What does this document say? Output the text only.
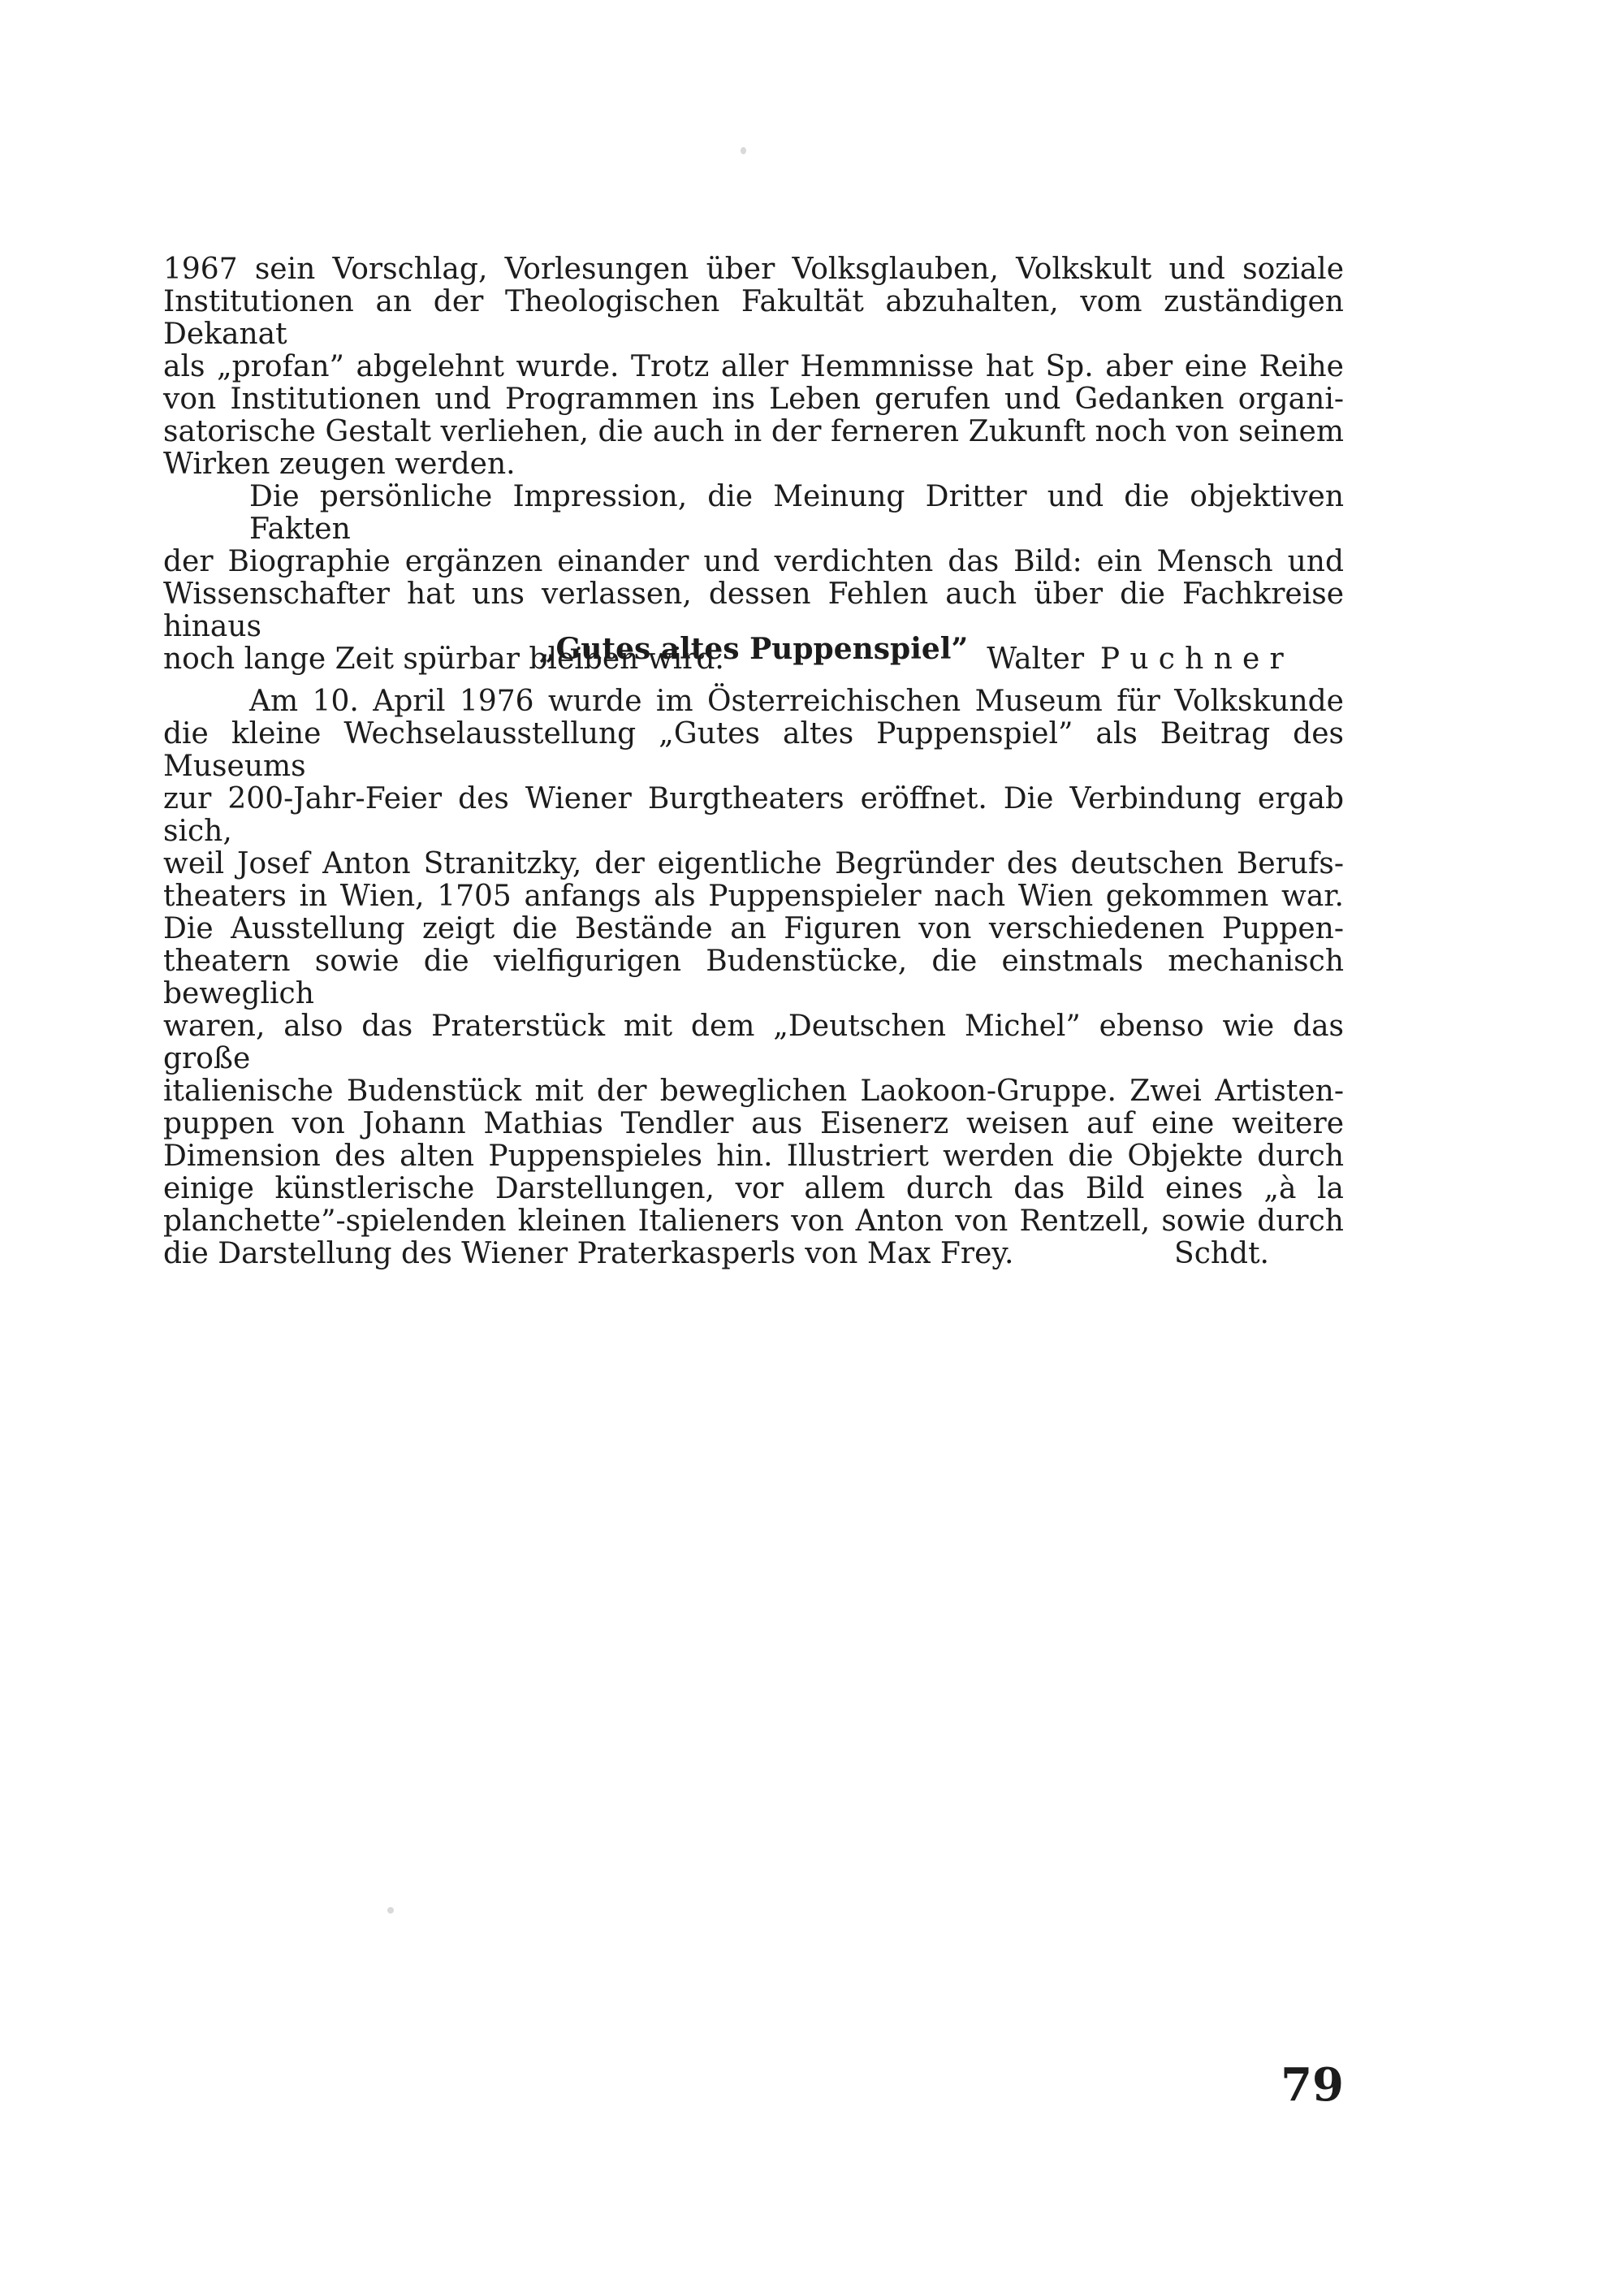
1967 sein Vorschlag, Vorlesungen über Volksglauben, Volkskult und soziale
Institutionen an der Theologischen Fakultät abzuhalten, vom zuständigen Dekanat
als „profan” abgelehnt wurde. Trotz aller Hemmnisse hat Sp. aber eine Reihe
von Institutionen und Programmen ins Leben gerufen und Gedanken organi-
satorische Gestalt verliehen, die auch in der ferneren Zukunft noch von seinem
Wirken zeugen werden.
Die persönliche Impression, die Meinung Dritter und die objektiven Fakten
der Biographie ergänzen einander und verdichten das Bild: ein Mensch und
Wissenschafter hat uns verlassen, dessen Fehlen auch über die Fachkreise hinaus
noch lange Zeit spürbar bleiben wird.	Walter Puchner
„Gutes altes Puppenspiel”
Am 10. April 1976 wurde im Österreichischen Museum für Volkskunde
die kleine Wechselausstellung „Gutes altes Puppenspiel” als Beitrag des Museums
zur 200-Jahr-Feier des Wiener Burgtheaters eröffnet. Die Verbindung ergab sich,
weil Josef Anton Stranitzky, der eigentliche Begründer des deutschen Berufs-
theaters in Wien, 1705 anfangs als Puppenspieler nach Wien gekommen war.
Die Ausstellung zeigt die Bestände an Figuren von verschiedenen Puppen-
theatern sowie die vielfigurigen Budenstücke, die einstmals mechanisch beweglich
waren, also das Praterstück mit dem „Deutschen Michel” ebenso wie das große
italienische Budenstück mit der beweglichen Laokoon-Gruppe. Zwei Artisten-
puppen von Johann Mathias Tendler aus Eisenerz weisen auf eine weitere
Dimension des alten Puppenspieles hin. Illustriert werden die Objekte durch
einige künstlerische Darstellungen, vor allem durch das Bild eines „à la
planchette”-spielenden kleinen Italieners von Anton von Rentzell, sowie durch
die Darstellung des Wiener Praterkasperls von Max Frey.	Schdt.
79
